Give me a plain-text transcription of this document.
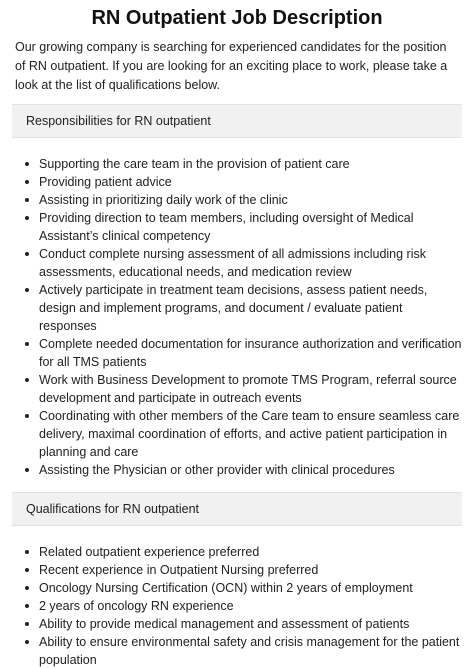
RN Outpatient Job Description

Our growing company is searching for experienced candidates for the position of RN outpatient. If you are looking for an exciting place to work, please take a look at the list of qualifications below.

Responsibilities for RN outpatient
Supporting the care team in the provision of patient care
Providing patient advice
Assisting in prioritizing daily work of the clinic
Providing direction to team members, including oversight of Medical Assistant’s clinical competency
Conduct complete nursing assessment of all admissions including risk assessments, educational needs, and medication review
Actively participate in treatment team decisions, assess patient needs, design and implement programs, and document / evaluate patient responses
Complete needed documentation for insurance authorization and verification for all TMS patients
Work with Business Development to promote TMS Program, referral source development and participate in outreach events
Coordinating with other members of the Care team to ensure seamless care delivery, maximal coordination of efforts, and active patient participation in planning and care
Assisting the Physician or other provider with clinical procedures
Qualifications for RN outpatient
Related outpatient experience preferred
Recent experience in Outpatient Nursing preferred
Oncology Nursing Certification (OCN) within 2 years of employment
2 years of oncology RN experience
Ability to provide medical management and assessment of patients
Ability to ensure environmental safety and crisis management for the patient population
